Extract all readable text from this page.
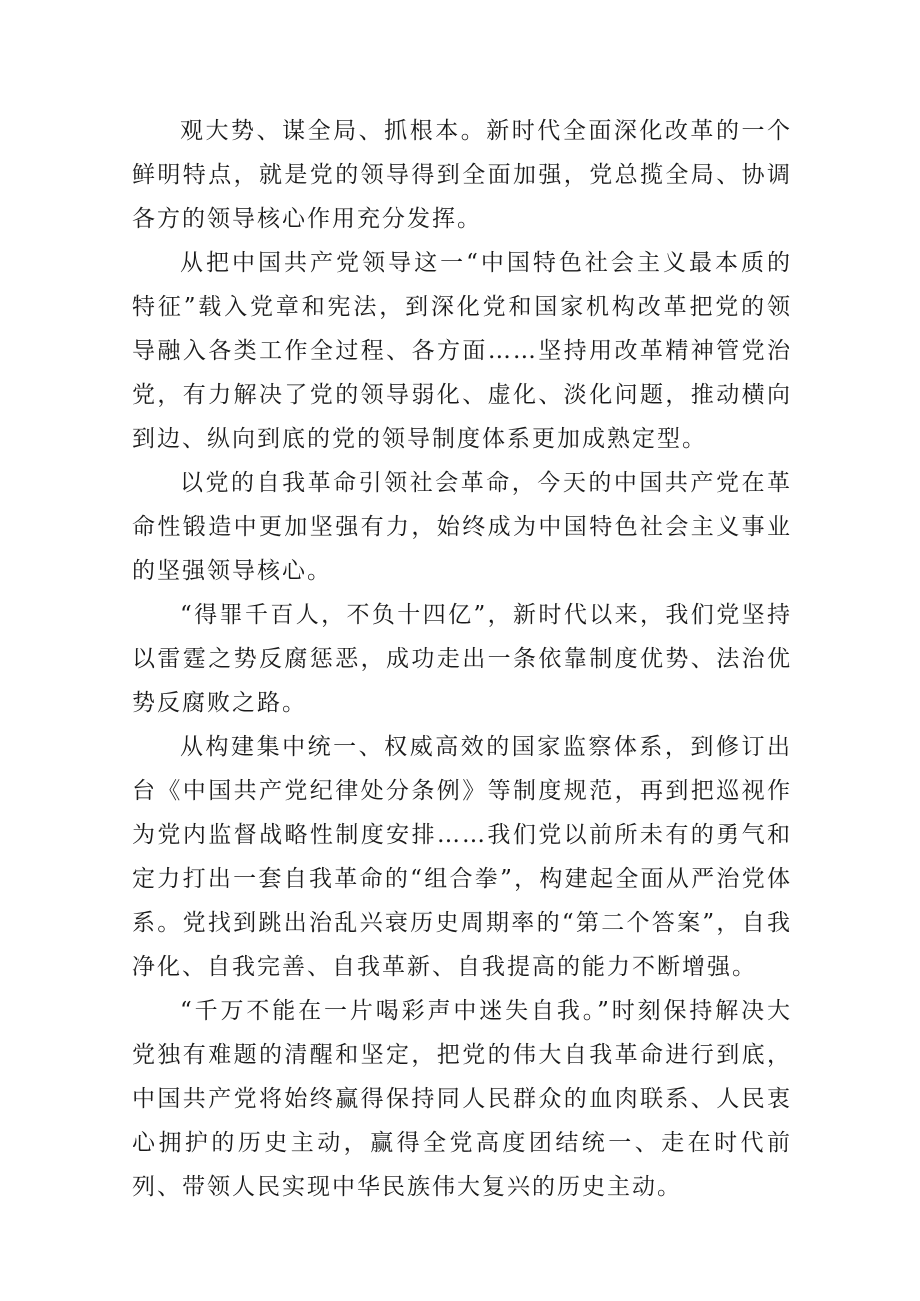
观大势、谋全局、抓根本。新时代全面深化改革的一个鲜明特点，就是党的领导得到全面加强，党总揽全局、协调各方的领导核心作用充分发挥。

从把中国共产党领导这一“中国特色社会主义最本质的特征”载入党章和宪法，到深化党和国家机构改革把党的领导融入各类工作全过程、各方面……坚持用改革精神管党治党，有力解决了党的领导弱化、虚化、淡化问题，推动横向到边、纵向到底的党的领导制度体系更加成熟定型。

以党的自我革命引领社会革命，今天的中国共产党在革命性锻造中更加坚强有力，始终成为中国特色社会主义事业的坚强领导核心。

“得罪千百人，不负十四亿”，新时代以来，我们党坚持以雷霆之势反腐惩恶，成功走出一条依靠制度优势、法治优势反腐败之路。

从构建集中统一、权威高效的国家监察体系，到修订出台《中国共产党纪律处分条例》等制度规范，再到把巡视作为党内监督战略性制度安排……我们党以前所未有的勇气和定力打出一套自我革命的“组合拳”，构建起全面从严治党体系。党找到跳出治乱兴衰历史周期率的“第二个答案”，自我净化、自我完善、自我革新、自我提高的能力不断增强。

“千万不能在一片喝彩声中迷失自我。”时刻保持解决大党独有难题的清醒和坚定，把党的伟大自我革命进行到底，中国共产党将始终赢得保持同人民群众的血肉联系、人民衷心拥护的历史主动，赢得全党高度团结统一、走在时代前列、带领人民实现中华民族伟大复兴的历史主动。
